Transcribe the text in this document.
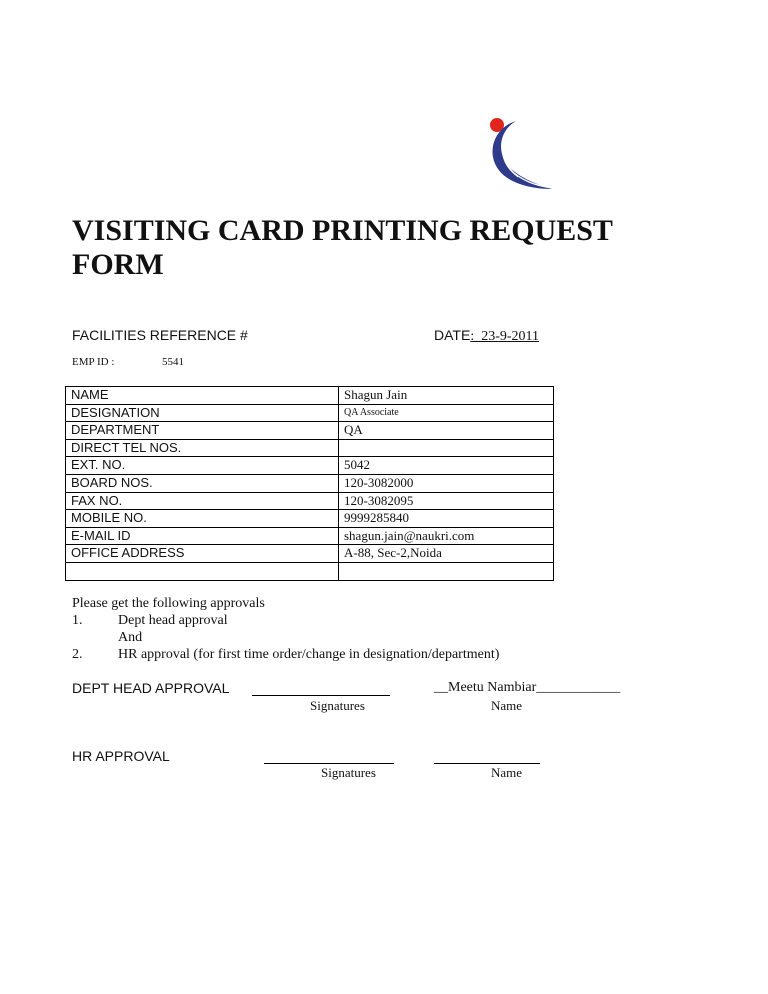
VISITING CARD PRINTING REQUEST FORM
FACILITIES REFERENCE #	DATE:_23-9-2011
EMP ID :	5541
NAME	Shagun Jain
DESIGNATION	QA Associate
DEPARTMENT	QA
DIRECT TEL NOS.	
EXT. NO.	5042
BOARD NOS.	120-3082000
FAX NO.	120-3082095
MOBILE NO.	9999285840
E-MAIL ID	shagun.jain@naukri.com
OFFICE ADDRESS	A-88, Sec-2,Noida

Please get the following approvals
1.	Dept head approval
And
2.	HR approval (for first time order/change in designation/department)
DEPT HEAD APPROVAL	__Meetu Nambiar____________
Signatures	Name
HR APPROVAL
Signatures	Name
